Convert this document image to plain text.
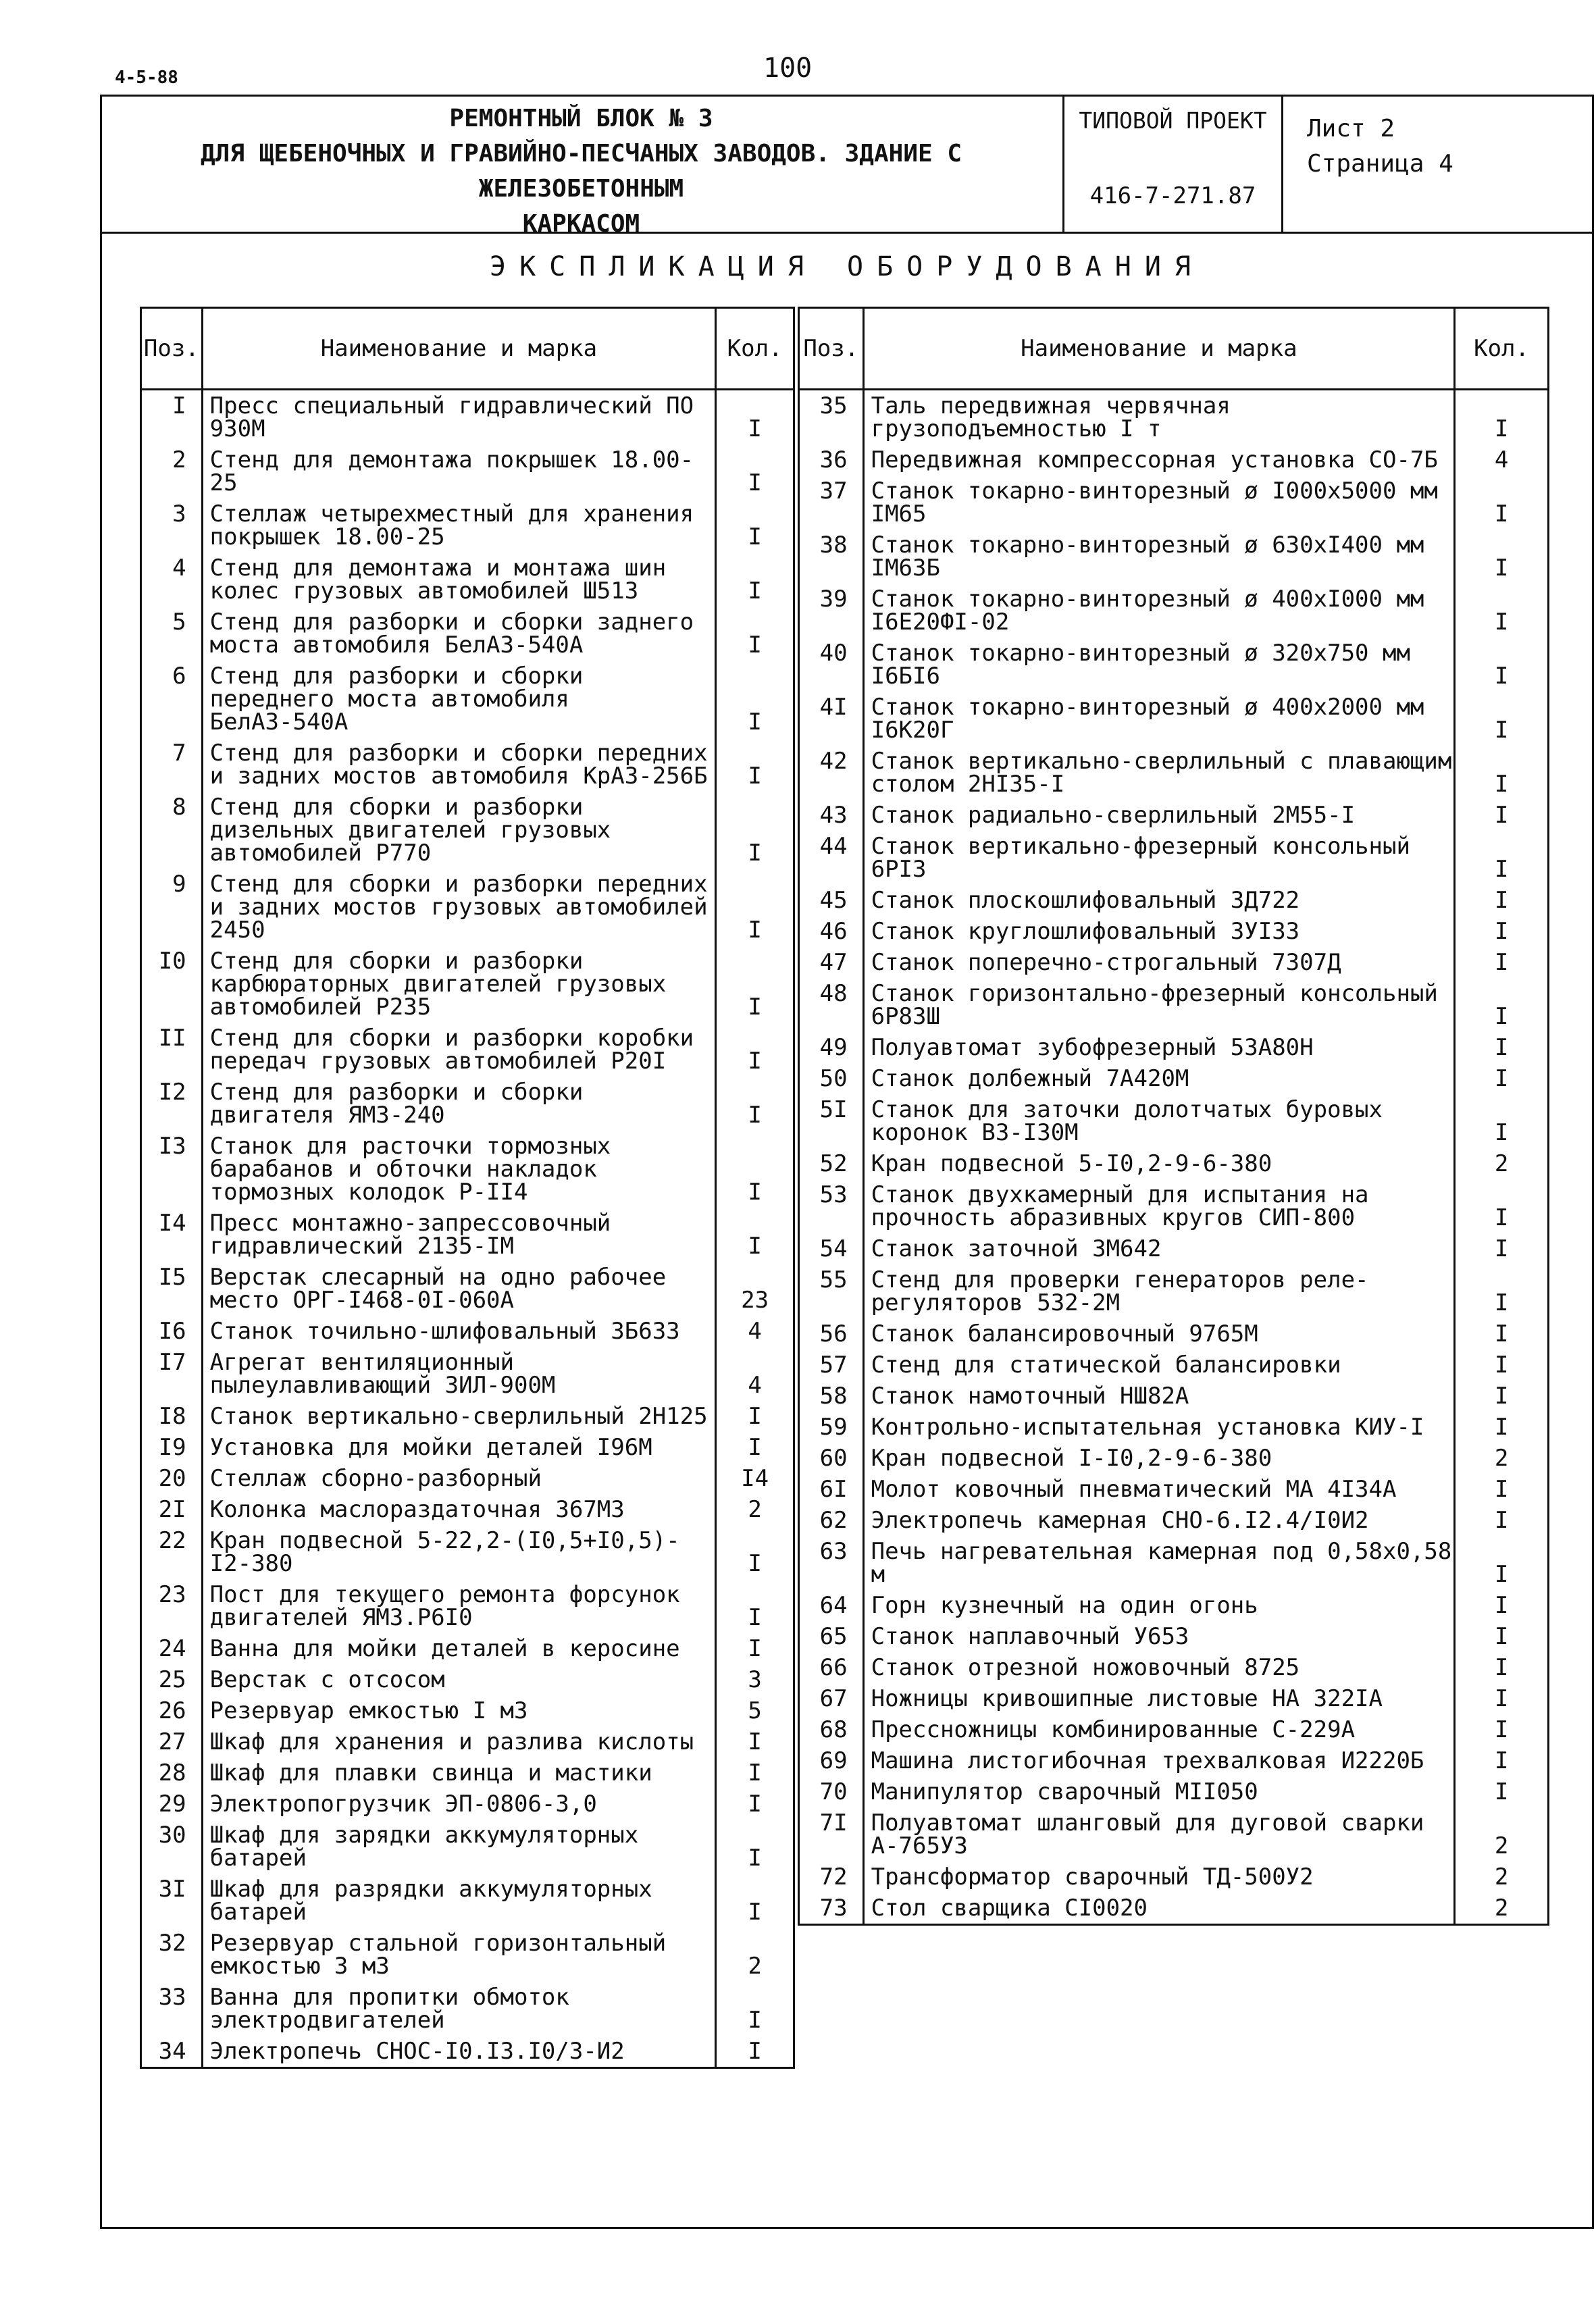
4-5-88	100
РЕМОНТНЫЙ БЛОК № 3
ДЛЯ ЩЕБЕНОЧНЫХ И ГРАВИЙНО-ПЕСЧАНЫХ ЗАВОДОВ. ЗДАНИЕ С ЖЕЛЕЗОБЕТОННЫМ
КАРКАСОМ
ТИПОВОЙ ПРОЕКТ
416-7-271.87
Лист 2
Страница 4
ЭКСПЛИКАЦИЯ ОБОРУДОВАНИЯ
Поз.	Наименование и марка	Кол.
I	Пресс специальный гидравлический ПО 930М	I
2	Стенд для демонтажа покрышек 18.00-25	I
3	Стеллаж четырехместный для хранения покрышек 18.00-25	I
4	Стенд для демонтажа и монтажа шин колес грузовых автомобилей Ш513	I
5	Стенд для разборки и сборки заднего моста автомобиля БелАЗ-540А	I
6	Стенд для разборки и сборки переднего моста автомобиля БелАЗ-540А	I
7	Стенд для разборки и сборки передних и задних мостов автомобиля КрАЗ-256Б	I
8	Стенд для сборки и разборки дизельных двигателей грузовых автомобилей Р770	I
9	Стенд для сборки и разборки передних и задних мостов грузовых автомобилей 2450	I
I0	Стенд для сборки и разборки карбюраторных двигателей грузовых автомобилей Р235	I
II	Стенд для сборки и разборки коробки передач грузовых автомобилей Р20I	I
I2	Стенд для разборки и сборки двигателя ЯМЗ-240	I
I3	Станок для расточки тормозных барабанов и обточки накладок тормозных колодок Р-II4	I
I4	Пресс монтажно-запрессовочный гидравлический 2135-IМ	I
I5	Верстак слесарный на одно рабочее место ОРГ-I468-0I-060А	23
I6	Станок точильно-шлифовальный 3Б633	4
I7	Агрегат вентиляционный пылеулавливающий ЗИЛ-900М	4
I8	Станок вертикально-сверлильный 2Н125	I
I9	Установка для мойки деталей I96М	I
20	Стеллаж сборно-разборный	I4
2I	Колонка маслораздаточная 367М3	2
22	Кран подвесной 5-22,2-(I0,5+I0,5)-I2-380	I
23	Пост для текущего ремонта форсунок двигателей ЯМЗ.Р6I0	I
24	Ванна для мойки деталей в керосине	I
25	Верстак с отсосом	3
26	Резервуар емкостью I м3	5
27	Шкаф для хранения и разлива кислоты	I
28	Шкаф для плавки свинца и мастики	I
29	Электропогрузчик ЭП-0806-3,0	I
30	Шкаф для зарядки аккумуляторных батарей	I
3I	Шкаф для разрядки аккумуляторных батарей	I
32	Резервуар стальной горизонтальный емкостью 3 м3	2
33	Ванна для пропитки обмоток электродвигателей	I
34	Электропечь СНОС-I0.I3.I0/3-И2	I
Поз.	Наименование и марка	Кол.
35	Таль передвижная червячная грузоподъемностью I т	I
36	Передвижная компрессорная установка СО-7Б	4
37	Станок токарно-винторезный ø I000х5000 мм IМ65	I
38	Станок токарно-винторезный ø 630хI400 мм IМ63Б	I
39	Станок токарно-винторезный ø 400хI000 мм I6Е20ФI-02	I
40	Станок токарно-винторезный ø 320х750 мм I6БI6	I
4I	Станок токарно-винторезный ø 400х2000 мм I6К20Г	I
42	Станок вертикально-сверлильный с плавающим столом 2НI35-I	I
43	Станок радиально-сверлильный 2М55-I	I
44	Станок вертикально-фрезерный консольный 6РI3	I
45	Станок плоскошлифовальный 3Д722	I
46	Станок круглошлифовальный 3УI33	I
47	Станок поперечно-строгальный 7307Д	I
48	Станок горизонтально-фрезерный консольный 6Р83Ш	I
49	Полуавтомат зубофрезерный 53А80Н	I
50	Станок долбежный 7А420М	I
5I	Станок для заточки долотчатых буровых коронок ВЗ-I30М	I
52	Кран подвесной 5-I0,2-9-6-380	2
53	Станок двухкамерный для испытания на прочность абразивных кругов СИП-800	I
54	Станок заточной 3М642	I
55	Стенд для проверки генераторов реле-регуляторов 532-2М	I
56	Станок балансировочный 9765М	I
57	Стенд для статической балансировки	I
58	Станок намоточный НШ82А	I
59	Контрольно-испытательная установка КИУ-I	I
60	Кран подвесной I-I0,2-9-6-380	2
6I	Молот ковочный пневматический МА 4I34А	I
62	Электропечь камерная СНО-6.I2.4/I0И2	I
63	Печь нагревательная камерная под 0,58х0,58 м	I
64	Горн кузнечный на один огонь	I
65	Станок наплавочный У653	I
66	Станок отрезной ножовочный 8725	I
67	Ножницы кривошипные листовые НА 322IА	I
68	Прессножницы комбинированные С-229А	I
69	Машина листогибочная трехвалковая И2220Б	I
70	Манипулятор сварочный МII050	I
7I	Полуавтомат шланговый для дуговой сварки А-765У3	2
72	Трансформатор сварочный ТД-500У2	2
73	Стол сварщика СI0020	2
